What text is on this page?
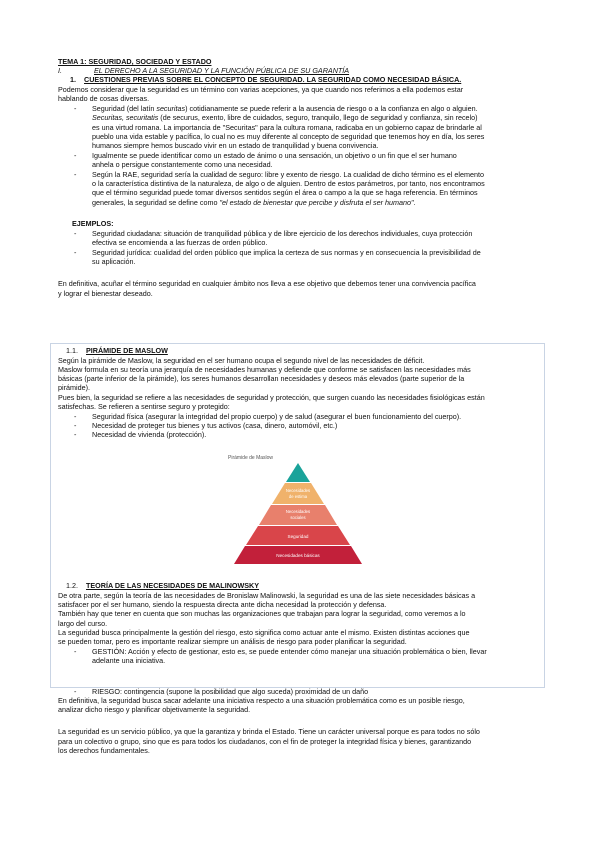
TEMA 1: SEGURIDAD, SOCIEDAD Y ESTADO
I.	EL DERECHO A LA SEGURIDAD Y LA FUNCIÓN PÚBLICA DE SU GARANTÍA
1. CUESTIONES PREVIAS SOBRE EL CONCEPTO DE SEGURIDAD. LA SEGURIDAD COMO NECESIDAD BÁSICA.
Podemos considerar que la seguridad es un término con varias acepciones, ya que cuando nos referimos a ella podemos estar
hablando de cosas diversas.
- Seguridad (del latín securitas) cotidianamente se puede referir a la ausencia de riesgo o a la confianza en algo o alguien.
Securitas, securitatis (de securus, exento, libre de cuidados, seguro, tranquilo, llego de seguridad y confianza, sin recelo)
es una virtud romana. La importancia de "Securitas" para la cultura romana, radicaba en un gobierno capaz de brindarle al
pueblo una vida estable y pacífica, lo cual no es muy diferente al concepto de seguridad que tenemos hoy en día, los seres
humanos siempre hemos buscado vivir en un estado de tranquilidad y buena convivencia.
- Igualmente se puede identificar como un estado de ánimo o una sensación, un objetivo o un fin que el ser humano
anhela o persigue constantemente como una necesidad.
- Según la RAE, seguridad sería la cualidad de seguro: libre y exento de riesgo. La cualidad de dicho término es el elemento
o la característica distintiva de la naturaleza, de algo o de alguien. Dentro de estos parámetros, por tanto, nos encontramos
que el término seguridad puede tomar diversos sentidos según el área o campo a la que se haga referencia. En términos
generales, la seguridad se define como "el estado de bienestar que percibe y disfruta el ser humano".
EJEMPLOS:
- Seguridad ciudadana: situación de tranquilidad pública y de libre ejercicio de los derechos individuales, cuya protección
efectiva se encomienda a las fuerzas de orden público.
- Seguridad jurídica: cualidad del orden público que implica la certeza de sus normas y en consecuencia la previsibilidad de
su aplicación.
En definitiva, acuñar el término seguridad en cualquier ámbito nos lleva a ese objetivo que debemos tener una convivencia pacífica
y lograr el bienestar deseado.
1.1. PIRÁMIDE DE MASLOW
Según la pirámide de Maslow, la seguridad en el ser humano ocupa el segundo nivel de las necesidades de déficit.
Maslow formula en su teoría una jerarquía de necesidades humanas y defiende que conforme se satisfacen las necesidades más
básicas (parte inferior de la pirámide), los seres humanos desarrollan necesidades y deseos más elevados (parte superior de la
pirámide).
Pues bien, la seguridad se refiere a las necesidades de seguridad y protección, que surgen cuando las necesidades fisiológicas están
satisfechas. Se refieren a sentirse seguro y protegido:
- Seguridad física (asegurar la integridad del propio cuerpo) y de salud (asegurar el buen funcionamiento del cuerpo).
- Necesidad de proteger tus bienes y tus activos (casa, dinero, automóvil, etc.)
- Necesidad de vivienda (protección).
Pirámide de Maslow
Necesidades
de estima
Necesidades
sociales
Seguridad
Necesidades básicas
1.2. TEORÍA DE LAS NECESIDADES DE MALINOWSKY
De otra parte, según la teoría de las necesidades de Bronislaw Malinowski, la seguridad es una de las siete necesidades básicas a
satisfacer por el ser humano, siendo la respuesta directa ante dicha necesidad la protección y defensa.
También hay que tener en cuenta que son muchas las organizaciones que trabajan para lograr la seguridad, como veremos a lo
largo del curso.
La seguridad busca principalmente la gestión del riesgo, esto significa como actuar ante el mismo. Existen distintas acciones que
se pueden tomar, pero es importante realizar siempre un análisis de riesgo para poder planificar la seguridad.
- GESTIÓN: Acción y efecto de gestionar, esto es, se puede entender cómo manejar una situación problemática o bien, llevar
adelante una iniciativa.
- RIESGO: contingencia (supone la posibilidad que algo suceda) proximidad de un daño
En definitiva, la seguridad busca sacar adelante una iniciativa respecto a una situación problemática como es un posible riesgo,
analizar dicho riesgo y planificar objetivamente la seguridad.
La seguridad es un servicio público, ya que la garantiza y brinda el Estado. Tiene un carácter universal porque es para todos no sólo
para un colectivo o grupo, sino que es para todos los ciudadanos, con el fin de proteger la integridad física y bienes, garantizando
los derechos fundamentales.
